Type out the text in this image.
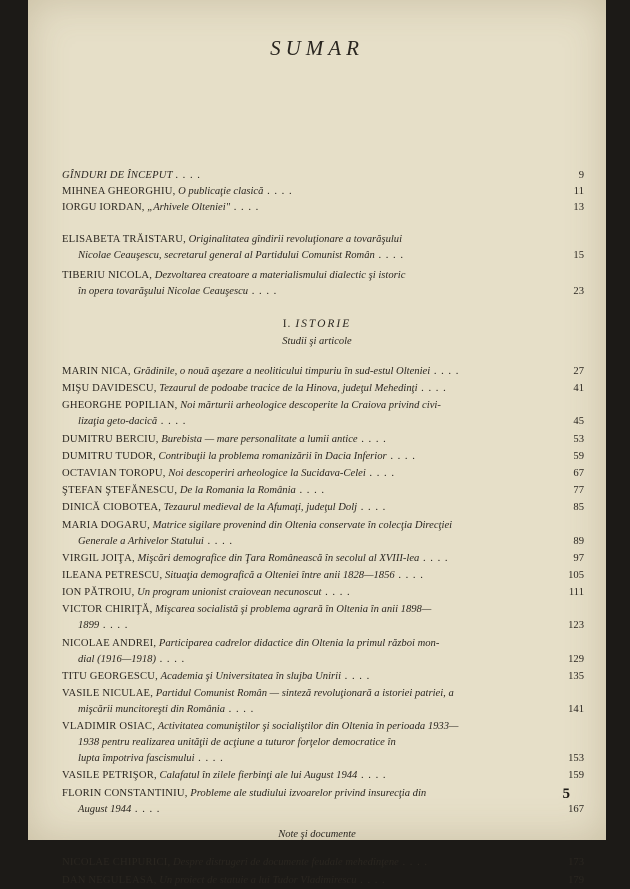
SUMAR
GÎNDURI DE ÎNCEPUT . . . .	9
MIHNEA GHEORGHIU, O publicaţie clasică . . . .	11
IORGU IORDAN, „Arhivele Olteniei" . . . .	13
ELISABETA TRĂISTARU, Originalitatea gîndirii revoluţionare a tovarăşului
Nicolae Ceauşescu, secretarul general al Partidului Comunist Român . . . .	15
TIBERIU NICOLA, Dezvoltarea creatoare a materialismului dialectic şi istoric
în opera tovarăşului Nicolae Ceauşescu . . . .	23
I. ISTORIE
Studii şi articole
MARIN NICA, Grădinile, o nouă aşezare a neoliticului timpuriu în sud-estul Olteniei . . . .	27
MIŞU DAVIDESCU, Tezaurul de podoabe tracice de la Hinova, judeţul Mehedinţi . . . .	41
GHEORGHE POPILIAN, Noi mărturii arheologice descoperite la Craiova privind civi-
lizaţia geto-dacică . . . .	45
DUMITRU BERCIU, Burebista — mare personalitate a lumii antice . . . .	53
DUMITRU TUDOR, Contribuţii la problema romanizării în Dacia Inferior . . . .	59
OCTAVIAN TOROPU, Noi descoperiri arheologice la Sucidava-Celei . . . .	67
ŞTEFAN ŞTEFĂNESCU, De la Romania la România . . . .	77
DINICĂ CIOBOTEA, Tezaurul medieval de la Afumaţi, judeţul Dolj . . . .	85
MARIA DOGARU, Matrice sigilare provenind din Oltenia conservate în colecţia Direcţiei
Generale a Arhivelor Statului . . . .	89
VIRGIL JOIŢA, Mişcări demografice din Ţara Românească în secolul al XVIII-lea . . . .	97
ILEANA PETRESCU, Situaţia demografică a Olteniei între anii 1828—1856 . . . .	105
ION PĂTROIU, Un program unionist craiovean necunoscut . . . .	111
VICTOR CHIRIŢĂ, Mişcarea socialistă şi problema agrară în Oltenia în anii 1898—
1899 . . . .	123
NICOLAE ANDREI, Participarea cadrelor didactice din Oltenia la primul război mon-
dial (1916—1918) . . . .	129
TITU GEORGESCU, Academia şi Universitatea în slujba Unirii . . . .	135
VASILE NICULAE, Partidul Comunist Român — sinteză revoluţionară a istoriei patriei, a
mişcării muncitoreşti din România . . . .	141
VLADIMIR OSIAC, Activitatea comuniştilor şi socialiştilor din Oltenia în perioada 1933—
1938 pentru realizarea unităţii de acţiune a tuturor forţelor democratice în
lupta împotriva fascismului . . . .	153
VASILE PETRIŞOR, Calafatul în zilele fierbinţi ale lui August 1944 . . . .	159
FLORIN CONSTANTINIU, Probleme ale studiului izvoarelor privind insurecţia din
August 1944 . . . .	167
Note şi documente
NICOLAE CHIPURICI, Despre distrugeri de documente feudale mehedinţene . . . .	173
DAN NEGULEASA, Un proiect de statuie a lui Tudor Vladimirescu . . . .	179
5
